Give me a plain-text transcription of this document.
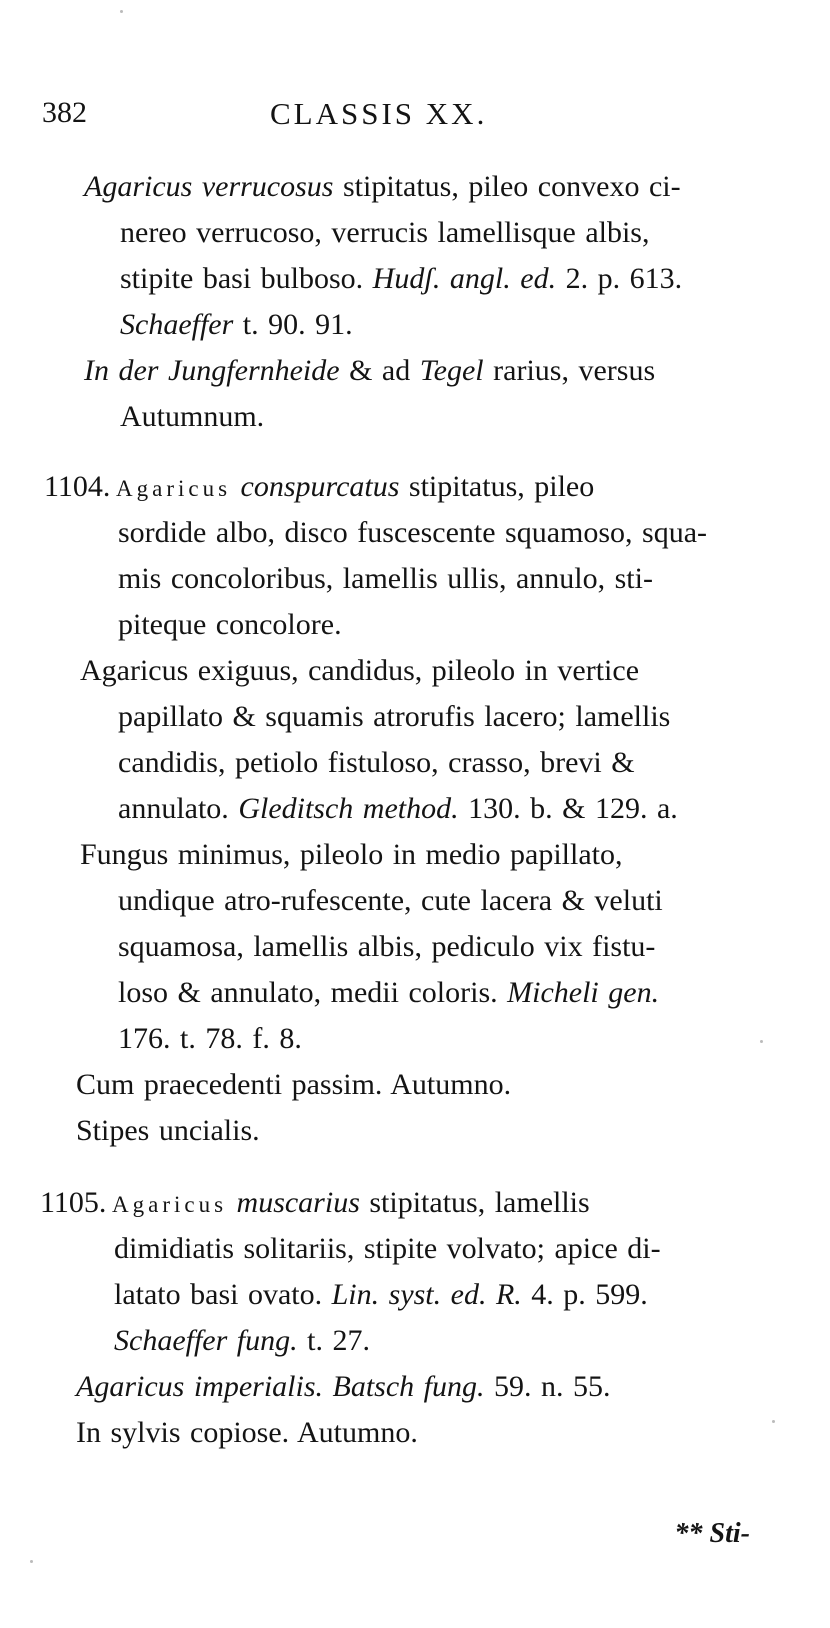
382	CLASSIS XX.
Agaricus verrucosus stipitatus, pileo convexo ci-
nereo verrucoso, verrucis lamellisque albis,
stipite basi bulboso. Hudʃ. angl. ed. 2. p. 613.
Schaeffer t. 90. 91.
In der Jungfernheide & ad Tegel rarius, versus
Autumnum.
1104. Agaricus conspurcatus stipitatus, pileo
sordide albo, disco fuscescente squamoso, squa-
mis concoloribus, lamellis ullis, annulo, sti-
piteque concolore.
Agaricus exiguus, candidus, pileolo in vertice
papillato & squamis atrorufis lacero; lamellis
candidis, petiolo fistuloso, crasso, brevi &
annulato. Gleditsch method. 130. b. & 129. a.
Fungus minimus, pileolo in medio papillato,
undique atro-rufescente, cute lacera & veluti
squamosa, lamellis albis, pediculo vix fistu-
loso & annulato, medii coloris. Micheli gen.
176. t. 78. f. 8.
Cum praecedenti passim. Autumno.
Stipes uncialis.
1105. Agaricus muscarius stipitatus, lamellis
dimidiatis solitariis, stipite volvato; apice di-
latato basi ovato. Lin. syst. ed. R. 4. p. 599.
Schaeffer fung. t. 27.
Agaricus imperialis. Batsch fung. 59. n. 55.
In sylvis copiose. Autumno.
** Sti-
